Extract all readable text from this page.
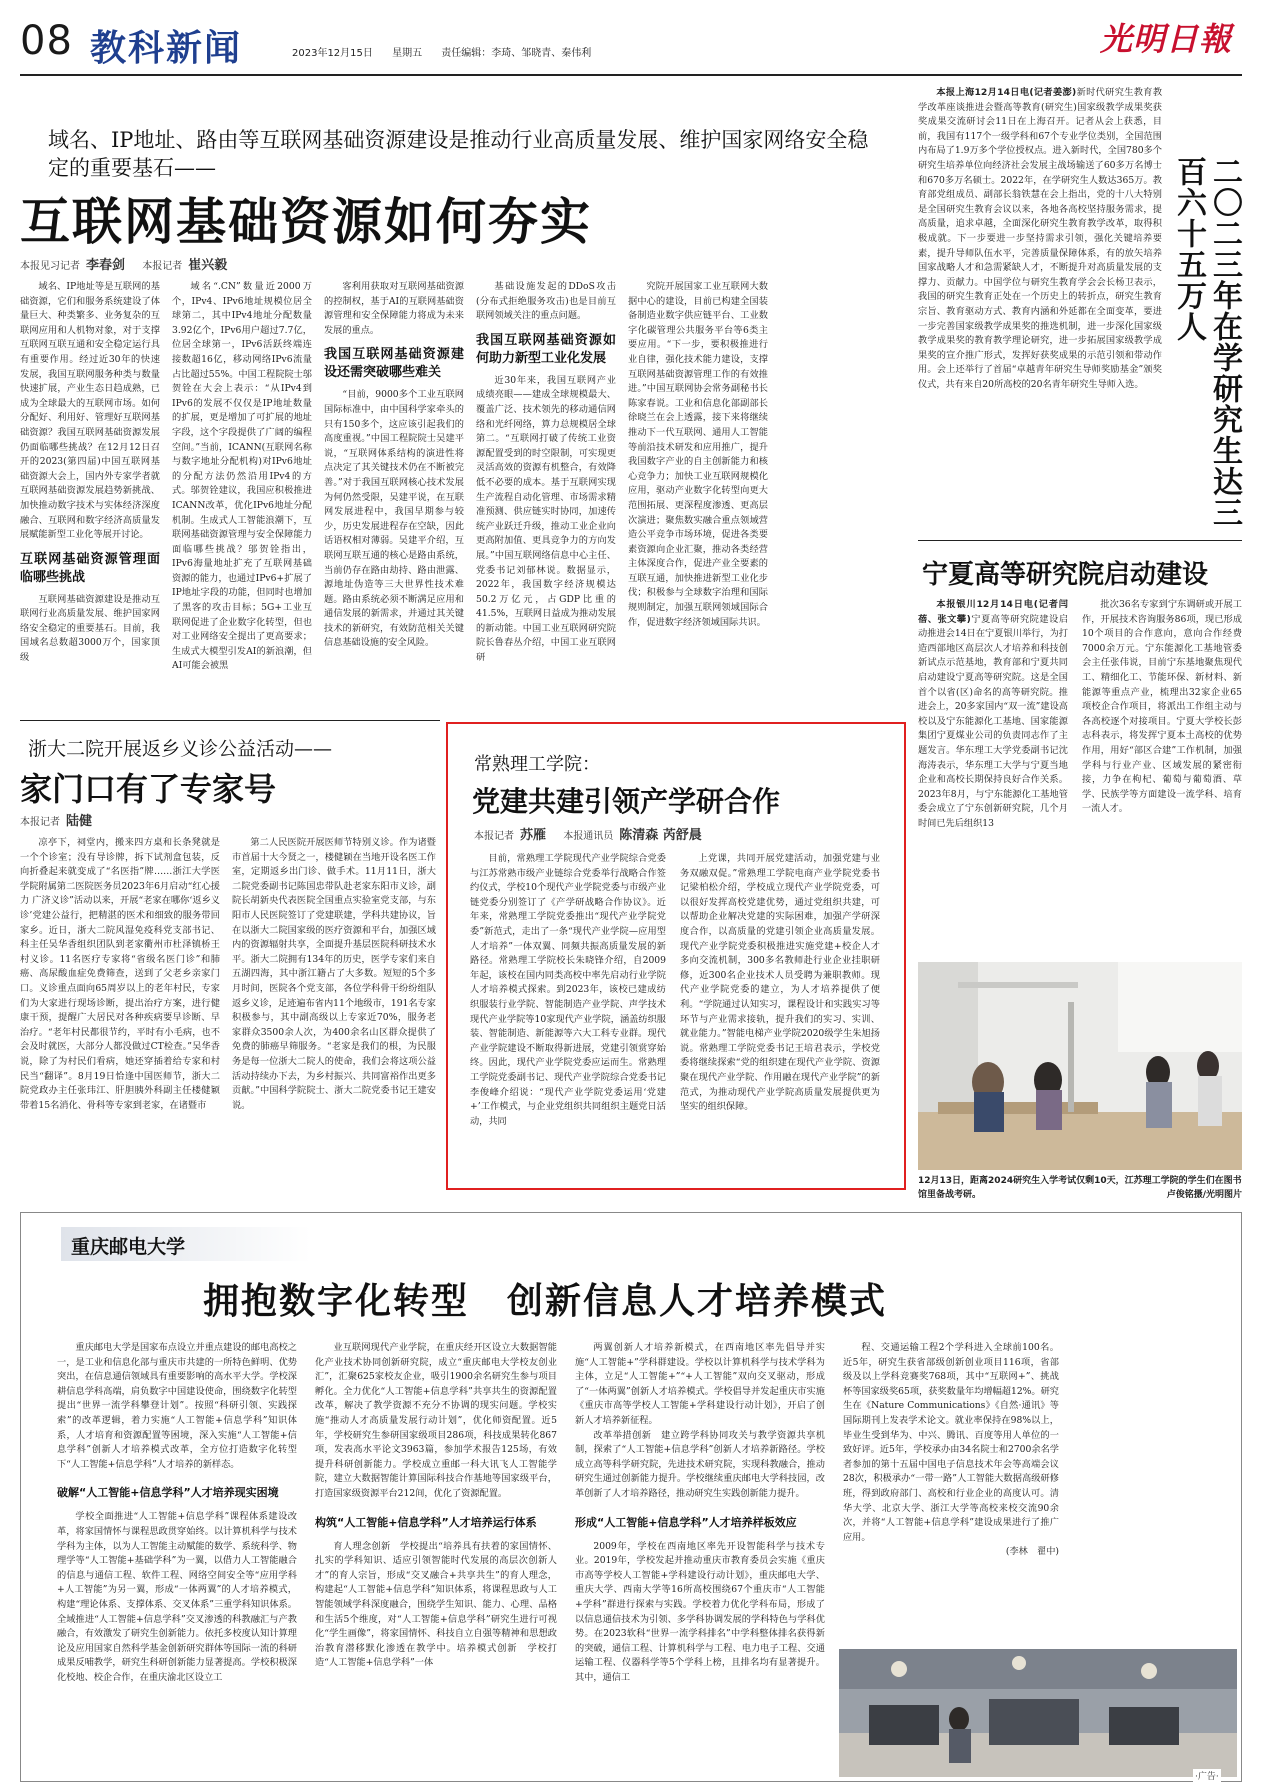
08 教科新闻	2023年12月15日 星期五 责任编辑：李琦、邹晓青、秦伟利	光明日報
域名、IP地址、路由等互联网基础资源建设是推动行业高质量发展、维护国家网络安全稳定的重要基石——
互联网基础资源如何夯实
本报见习记者 李春剑 本报记者 崔兴毅

域名、IP地址等是互联网的基础资源，它们和服务系统建设了体量巨大、种类繁多、业务复杂的互联网应用和人机物对象，对于支撑互联网互联互通和安全稳定运行具有重要作用。经过近30年的快速发展，我国互联网服务种类与数量快速扩展，产业生态日趋成熟，已成为全球最大的互联网市场。如何分配好、利用好、管理好互联网基础资源？我国互联网基础资源发展仍面临哪些挑战？在12月12日召开的2023(第四届)中国互联网基础资源大会上，国内外专家学者就互联网基础资源发展趋势新挑战、加快推动数字技术与实体经济深度融合、互联网和数字经济高质量发展赋能新型工业化等展开讨论。

互联网基础资源管理面临哪些挑战

互联网基础资源建设是推动互联网行业高质量发展、维护国家网络安全稳定的重要基石。目前，我国域名总数超3000万个，国家顶级

域名“.CN”数量近2000万个，IPv4、IPv6地址规模位居全球第二，其中IPv4地址分配数量3.92亿个，IPv6用户超过7.7亿，位居全球第一，IPv6活跃终端连接数超16亿，移动网络IPv6流量占比超过55%。中国工程院院士邬贺铨在大会上表示：“从IPv4到IPv6的发展不仅仅是IP地址数量的扩展，更是增加了可扩展的地址字段，这个字段提供了广阔的编程空间。”当前，ICANN(互联网名称与数字地址分配机构)对IPv6地址的分配方法仍然沿用IPv4的方式。邬贺铨建议，我国应积极推进ICANN改革，优化IPv6地址分配机制。生成式人工智能浪潮下，互联网基础资源管理与安全保障能力面临哪些挑战？邬贺铨指出，IPv6海量地址扩充了互联网基础资源的能力，也通过IPv6+扩展了IP地址字段的功能，但同时也增加了黑客的攻击目标；5G+工业互联网促进了企业数字化转型，但也对工业网络安全提出了更高要求；生成式大模型引发AI的新浪潮，但AI可能会被黑

客利用获取对互联网基础资源的控制权，基于AI的互联网基础资源管理和安全保障能力将成为未来发展的重点。

我国互联网基础资源建设还需突破哪些难关

“目前，9000多个工业互联网国际标准中，由中国科学家牵头的只有150多个，这应该引起我们的高度重视。”中国工程院院士吴建平说，“互联网体系结构的演进性将点决定了其关键技术仍在不断被完善。”对于我国互联网核心技术发展为何仍然受限，吴建平说，在互联网发展进程中，我国早期参与较少，历史发展进程存在空缺，因此话语权相对薄弱。吴建平介绍，互联网互联互通的核心是路由系统，当前仍存在路由劫持、路由泄露、源地址伪造等三大世界性技术难题。路由系统必须不断满足应用和通信发展的新需求，并通过其关键技术的新研究，有效防范相关关键信息基础设施的安全风险。

基础设施发起的DDoS攻击(分布式拒绝服务攻击)也是目前互联网领域关注的重点问题。

我国互联网基础资源如何助力新型工业化发展

近30年来，我国互联网产业成绩亮眼——建成全球规模最大、覆盖广泛、技术领先的移动通信网络和光纤网络，算力总规模居全球第二。“互联网打破了传统工业资源配置受到的时空限制，可实现更灵活高效的资源有机整合，有效降低不必要的成本。基于互联网实现生产流程自动化管理、市场需求精准预测、供应链实时协同，加速传统产业跃迁升级，推动工业企业向更高附加值、更具竞争力的方向发展。”中国互联网络信息中心主任、党委书记刘郁林说。数据显示，2022年，我国数字经济规模达50.2万亿元，占GDP比重的41.5%，互联网日益成为推动发展的新动能。中国工业互联网研究院院长鲁春丛介绍，中国工业互联网研

究院开展国家工业互联网大数据中心的建设，目前已构建全国装备制造业数字供应链平台、工业数字化碳管理公共服务平台等6类主要应用。“下一步，要积极推进行业自律，强化技术能力建设，支撑互联网基础资源管理工作的有效推进。”中国互联网协会常务副秘书长陈家春说。工业和信息化部副部长徐晓兰在会上透露，接下来将继续推动下一代互联网、通用人工智能等前沿技术研发和应用推广，提升我国数字产业的自主创新能力和核心竞争力；加快工业互联网规模化应用，驱动产业数字化转型向更大范围拓展、更深程度渗透、更高层次演进；聚焦数实融合重点领域营造公平竞争市场环境，促进各类要素资源向企业汇聚，推动各类经营主体深度合作，促进产业全要素的互联互通，加快推进新型工业化步伐；积极参与全球数字治理和国际规则制定，加强互联网领域国际合作，促进数字经济领域国际共识。

本报上海12月14日电(记者姜澎)新时代研究生教育教学改革座谈推进会暨高等教育(研究生)国家级教学成果奖获奖成果交流研讨会11日在上海召开。记者从会上获悉，目前，我国有117个一级学科和67个专业学位类别，全国范围内布局了1.9万多个学位授权点。进入新时代，全国780多个研究生培养单位向经济社会发展主战场输送了60多万名博士和670多万名硕士。2022年，在学研究生人数达365万。教育部党组成员、副部长翁铁慧在会上指出，党的十八大特别是全国研究生教育会议以来，各地各高校坚持服务需求，提高质量，追求卓越，全面深化研究生教育教学改革，取得积极成就。下一步要进一步坚持需求引领，强化关键培养要素，提升导师队伍水平，完善质量保障体系，有的放矢培养国家战略人才和急需紧缺人才，不断提升对高质量发展的支撑力、贡献力。中国学位与研究生教育学会会长杨卫表示，我国的研究生教育正处在一个历史上的转折点，研究生教育宗旨、教育驱动方式、教育内涵和外延都在全面变革，要进一步完善国家级教学成果奖的推选机制，进一步深化国家级教学成果奖的教育教学理论研究，进一步拓展国家级教学成果奖的宣介推广形式，发挥好获奖成果的示范引领和带动作用。会上还举行了首届“卓越青年研究生导师奖励基金”颁奖仪式，共有来自20所高校的20名青年研究生导师入选。	二〇二三年在学研究生达三百六十五万人
宁夏高等研究院启动建设

本报银川12月14日电(记者闫蓓、张文攀)宁夏高等研究院建设启动推进会14日在宁夏银川举行，为打造西部地区高层次人才培养和科技创新试点示范基地，教育部和宁夏共同启动建设宁夏高等研究院。这是全国首个以省(区)命名的高等研究院。推进会上，20多家国内“双一流”建设高校以及宁东能源化工基地、国家能源集团宁夏煤业公司的负责同志作了主题发言。华东理工大学党委副书记沈海涛表示，华东理工大学与宁夏当地企业和高校长期保持良好合作关系。2023年8月，与宁东能源化工基地管委会成立了宁东创新研究院，几个月时间已先后组织13

批次36名专家到宁东调研或开展工作，开展技术咨询服务86项，现已形成10个项目的合作意向，意向合作经费7000余万元。宁东能源化工基地管委会主任张伟说，目前宁东基地聚焦现代工、精细化工、节能环保、新材料、新能源等重点产业，梳理出32家企业65项校企合作项目，将派出工作组主动与各高校逐个对接项目。宁夏大学校长彭志科表示，将发挥宁夏本土高校的优势作用，用好“部区合建”工作机制，加强学科与行业产业、区域发展的紧密衔接，力争在枸杞、葡萄与葡萄酒、草学、民族学等方面建设一流学科、培育一流人才。

12月13日，距离2024研究生入学考试仅剩10天，江苏理工学院的学生们在图书馆里备战考研。	卢俊铭摄/光明图片
浙大二院开展返乡义诊公益活动——
家门口有了专家号
本报记者 陆健

凉亭下，祠堂内，搬来四方桌和长条凳就是一个个诊室；没有导诊牌，拆下试剂盒包装，反向折叠起来就变成了“名医指”牌……浙江大学医学院附属第二医院医务员2023年6月启动“红心援力 广济义诊”活动以来，开展“老家在哪你‘返乡义诊’党建公益行，把精湛的医术和细致的服务带回家乡。近日，浙大二院风湿免疫科党支部书记、科主任吴华香组织团队到老家衢州市杜泽镇桥王村义诊。11名医疗专家将“省级名医门诊”和肺癌、高尿酸血症免费筛查，送到了父老乡亲家门口。义诊重点面向65周岁以上的老年村民，专家们为大家进行现场诊断，提出治疗方案，进行健康干预，提醒广大居民对各种疾病要早诊断、早治疗。“老年村民都很节约，平时有小毛病，也不会及时就医，大部分人都没做过CT检查。”吴华香说，除了为村民们看病，她还穿插着给专家和村民当“翻译”。8月19日恰逢中国医师节，浙大二院党政办主任张玮江、肝胆胰外科副主任楼健颖带着15名消化、骨科等专家到老家，在诸暨市

第二人民医院开展医师节特别义诊。作为诸暨市首届十大今贤之一，楼健颖在当地开设名医工作室，定期返乡出门诊、做手术。11月11日，浙大二院党委副书记陈国忠带队赴老家东阳市义诊，副院长胡新央代表医院全国重点实验室党支部，与东阳市人民医院签订了党建联建，学科共建协议，旨在以浙大二院国家级的医疗资源和平台，加强区域内的资源辐射共享，全面提升基层医院科研技术水平。浙大二院拥有134年的历史，医学专家们来自五湖四海，其中浙江籍占了大多数。短短的5个多月时间，医院各个党支部，各位学科骨干纷纷组队返乡义诊，足迹遍布省内11个地级市，191名专家积极参与，其中副高级以上专家近70%，服务老家群众3500余人次，为400余名山区群众提供了免费的肺癌早筛服务。“老家是我们的根，为民服务是每一位浙大二院人的使命，我们会将这项公益活动持续办下去，为乡村振兴、共同富裕作出更多贡献。”中国科学院院士、浙大二院党委书记王建安说。

常熟理工学院：
党建共建引领产学研合作
本报记者 苏雁 本报通讯员 陈清森 芮舒晨

目前，常熟理工学院现代产业学院综合党委与江苏常熟市级产业链综合党委举行战略合作签约仪式，学校10个现代产业学院党委与市级产业链党委分别签订了《产学研战略合作协议》。近年来，常熟理工学院党委推出“现代产业学院党委”新范式，走出了一条“现代产业学院—应用型人才培养”一体双翼、同频共振高质量发展的新路径。常熟理工学院校长朱晓锋介绍，自2009年起，该校在国内同类高校中率先启动行业学院人才培养模式探索。到2023年，该校已建成纺织服装行业学院、智能制造产业学院、声学技术现代产业学院等10家现代产业学院，涵盖纺织服装、智能制造、新能源等六大工科专业群。现代产业学院建设不断取得新进展，党建引领赏穿始终。因此，现代产业学院党委应运而生。常熟理工学院党委副书记、现代产业学院综合党委书记李俊峰介绍说：“现代产业学院党委运用‘党建+’工作模式，与企业党组织共同组织主题党日活动，共同

上党课，共同开展党建活动，加强党建与业务双融双促。”常熟理工学院电商产业学院党委书记梁柏松介绍，学校成立现代产业学院党委，可以很好发挥高校党建优势，通过党组织共建，可以帮助企业解决党建的实际困难，加强产学研深度合作，以高质量的党建引领企业高质量发展。现代产业学院党委积极推进实施党建+校企人才多向交流机制，300多名教师赴行业企业挂职研修，近300名企业技术人员受聘为兼职教师。现代产业学院党委的建立，为人才培养提供了便利。“学院通过认知实习，课程设计和实践实习等环节与产业需求接轨，提升我们的实习、实训、就业能力。”智能电梯产业学院2020级学生朱旭扬说。常熟理工学院党委书记王培君表示，学校党委将继续探索“党的组织建在现代产业学院、资源聚在现代产业学院、作用融在现代产业学院”的新范式，为推动现代产业学院高质量发展提供更为坚实的组织保障。

重庆邮电大学
拥抱数字化转型　创新信息人才培养模式

重庆邮电大学是国家布点设立并重点建设的邮电高校之一，是工业和信息化部与重庆市共建的一所特色鲜明、优势突出，在信息通信领域具有重要影响的高水平大学。学校深耕信息学科高端，肩负数字中国建设使命，围绕数字化转型提出“世界一流学科攀登计划”。按照“科研引领、实践探索”的改革逻辑，着力实施“人工智能+信息学科”知识体系，人才培育和资源配置等困境，深入实施“人工智能+信息学科”创新人才培养模式改革，全方位打造数字化转型下“人工智能+信息学科”人才培养的新样态。

破解“人工智能+信息学科”人才培养现实困境

学校全面推进“人工智能+信息学科”课程体系建设改革，将家国情怀与课程思政贯穿始终。以计算机科学与技术学科为主体，以为人工智能主动赋能的数学、系统科学、物理学等“人工智能+基础学科”为一翼，以借力人工智能融合的信息与通信工程、软件工程、网络空间安全等“应用学科+人工智能”为另一翼，形成“一体两翼”的人才培养模式，构建“理论体系、支撑体系、交叉体系”三重学科知识体系。全域推进“人工智能+信息学科”交叉渗透的科教融汇与产教融合，有效激发了研究生创新能力。依托多校度认知计算理论及应用国家自然科学基金创新研究群体等国际一流的科研成果反哺教学，研究生科研创新能力显著提高。学校积极深化校地、校企合作，在重庆渝北区设立工

业互联网现代产业学院，在重庆经开区设立大数据智能化产业技术协同创新研究院，成立“重庆邮电大学校友创业汇”，汇聚625家校友企业，吸引1900余名研究生参与项目孵化。全力优化“人工智能+信息学科”共享共生的资源配置改革，解决了教学资源不充分不协调的现实问题。学校实施“推动人才高质量发展行动计划”，优化师资配置。近5年，学校研究生参研国家级项目286项，科技成果转化867项，发表高水平论文3963篇，参加学术报告125场，有效提升科研创新能力。学校成立重邮一科大讯飞人工智能学院，建立大数据智能计算国际科技合作基地等国家级平台，打造国家级资源平台212间，优化了资源配置。

构筑“人工智能+信息学科”人才培养运行体系

育人理念创新　学校提出“培养具有扶着的家国情怀、扎实的学科知识、适应引领智能时代发展的高层次创新人才”的育人宗旨，形成“交叉融合+共享共生”的育人理念，构建起“人工智能+信息学科”知识体系，将课程思政与人工智能领域学科深度融合，围绕学生知识、能力、心理、品格和生活5个维度，对“人工智能+信息学科”研究生进行可视化“学生画像”，将家国情怀、科技自立自强等精神和思想政治教育潜移默化渗透在教学中。培养模式创新　学校打造“人工智能+信息学科”一体

两翼创新人才培养新模式，在西南地区率先倡导并实施“人工智能+”学科群建设。学校以计算机科学与技术学科为主体，立足“人工智能+”“+人工智能”双向交叉驱动，形成了“一体两翼”创新人才培养模式。学校倡导并发起重庆市实施《重庆市高等学校人工智能+学科建设行动计划》，开启了创新人才培养新征程。

改革举措创新　建立跨学科协同攻关与教学资源共享机制，探索了“人工智能+信息学科”创新人才培养新路径。学校成立高等科学研究院，先进技术研究院，实现科教融合，推动研究生通过创新能力提升。学校继续重庆邮电大学科技园，改革创新了人才培养路径，推动研究生实践创新能力提升。

形成“人工智能+信息学科”人才培养样板效应

2009年，学校在西南地区率先开设智能科学与技术专业。2019年，学校发起并推动重庆市教育委员会实施《重庆市高等学校人工智能+学科建设行动计划》，重庆邮电大学、重庆大学、西南大学等16所高校围绕67个重庆市“人工智能+学科”群进行探索与实践。学校着力优化学科布局，形成了以信息通信技术为引领、多学科协调发展的学科特色与学科优势。在2023软科“世界一流学科排名”中学科整体排名获得新的突破，通信工程、计算机科学与工程、电力电子工程、交通运输工程、仪器科学等5个学科上榜，且排名均有显著提升。其中，通信工

程、交通运输工程2个学科进入全球前100名。近5年，研究生获省部级创新创业项目116项，省部级及以上学科竞赛奖768项，其中“互联网+”、挑战杯等国家级奖65项，获奖数量年均增幅超12%。研究生在《Nature Communications》《自然·通讯》等国际期刊上发表学术论文。就业率保持在98%以上，毕业生受到华为、中兴、腾讯、百度等用人单位的一致好评。近5年，学校承办由34名院士和2700余名学者参加的第十五届中国电子信息技术年会等高端会议28次，积极承办“一带一路”人工智能大数据高级研修班，得到政府部门、高校和行业企业的高度认可。清华大学、北京大学、浙江大学等高校来校交流90余次，并将“人工智能+信息学科”建设成果进行了推广应用。

(李林　翟中)
·广告·
